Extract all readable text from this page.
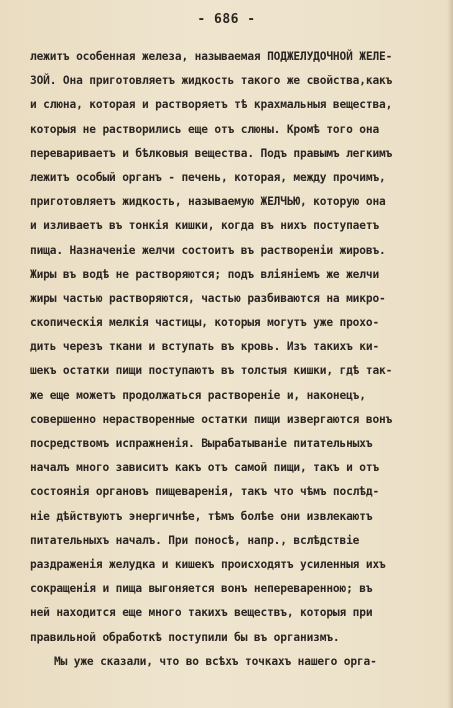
- 686 -
лежитъ особенная железа, называемая ПОДЖЕЛУДОЧНОЙ ЖЕЛЕ-
ЗОЙ. Она приготовляетъ жидкость такого же свойства,какъ
и слюна, которая и растворяетъ тѣ крахмальныя вещества,
которыя не растворились еще отъ слюны. Кромѣ того она
перевариваетъ и бѣлковыя вещества. Подъ правымъ легкимъ
лежитъ особый органъ - печень, которая, между прочимъ,
приготовляетъ жидкость, называемую ЖЕЛЧЬЮ, которую она
и изливаетъ въ тонкія кишки, когда въ нихъ поступаетъ
пища. Назначеніе желчи состоитъ въ растворенiи жировъ.
Жиры въ водѣ не растворяются; подъ вліяніемъ же желчи
жиры частью растворяются, частью разбиваются на микро-
скопическія мелкія частицы, которыя могутъ уже прохо-
дить черезъ ткани и вступать въ кровь. Изъ такихъ ки-
шекъ остатки пищи поступаютъ въ толстыя кишки, гдѣ так-
же еще можетъ продолжаться раствореніе и, наконецъ,
совершенно нерастворенные остатки пищи извергаются вонъ
посредствомъ испражненія. Вырабатываніе питательныхъ
началъ много зависитъ какъ отъ самой пищи, такъ и отъ
состоянія органовъ пищеваренія, такъ что чѣмъ послѣд-
ніе дѣйствуютъ энергичнѣе, тѣмъ болѣе они извлекаютъ
питательныхъ началъ. При поносѣ, напр., вслѣдствіе
раздраженія желудка и кишекъ происходятъ усиленныя ихъ
сокращенія и пища выгоняется вонъ непереваренною; въ
ней находится еще много такихъ веществъ, которыя при
правильной обработкѣ поступили бы въ организмъ.
Мы уже сказали, что во всѣхъ точкахъ нашего орга-
